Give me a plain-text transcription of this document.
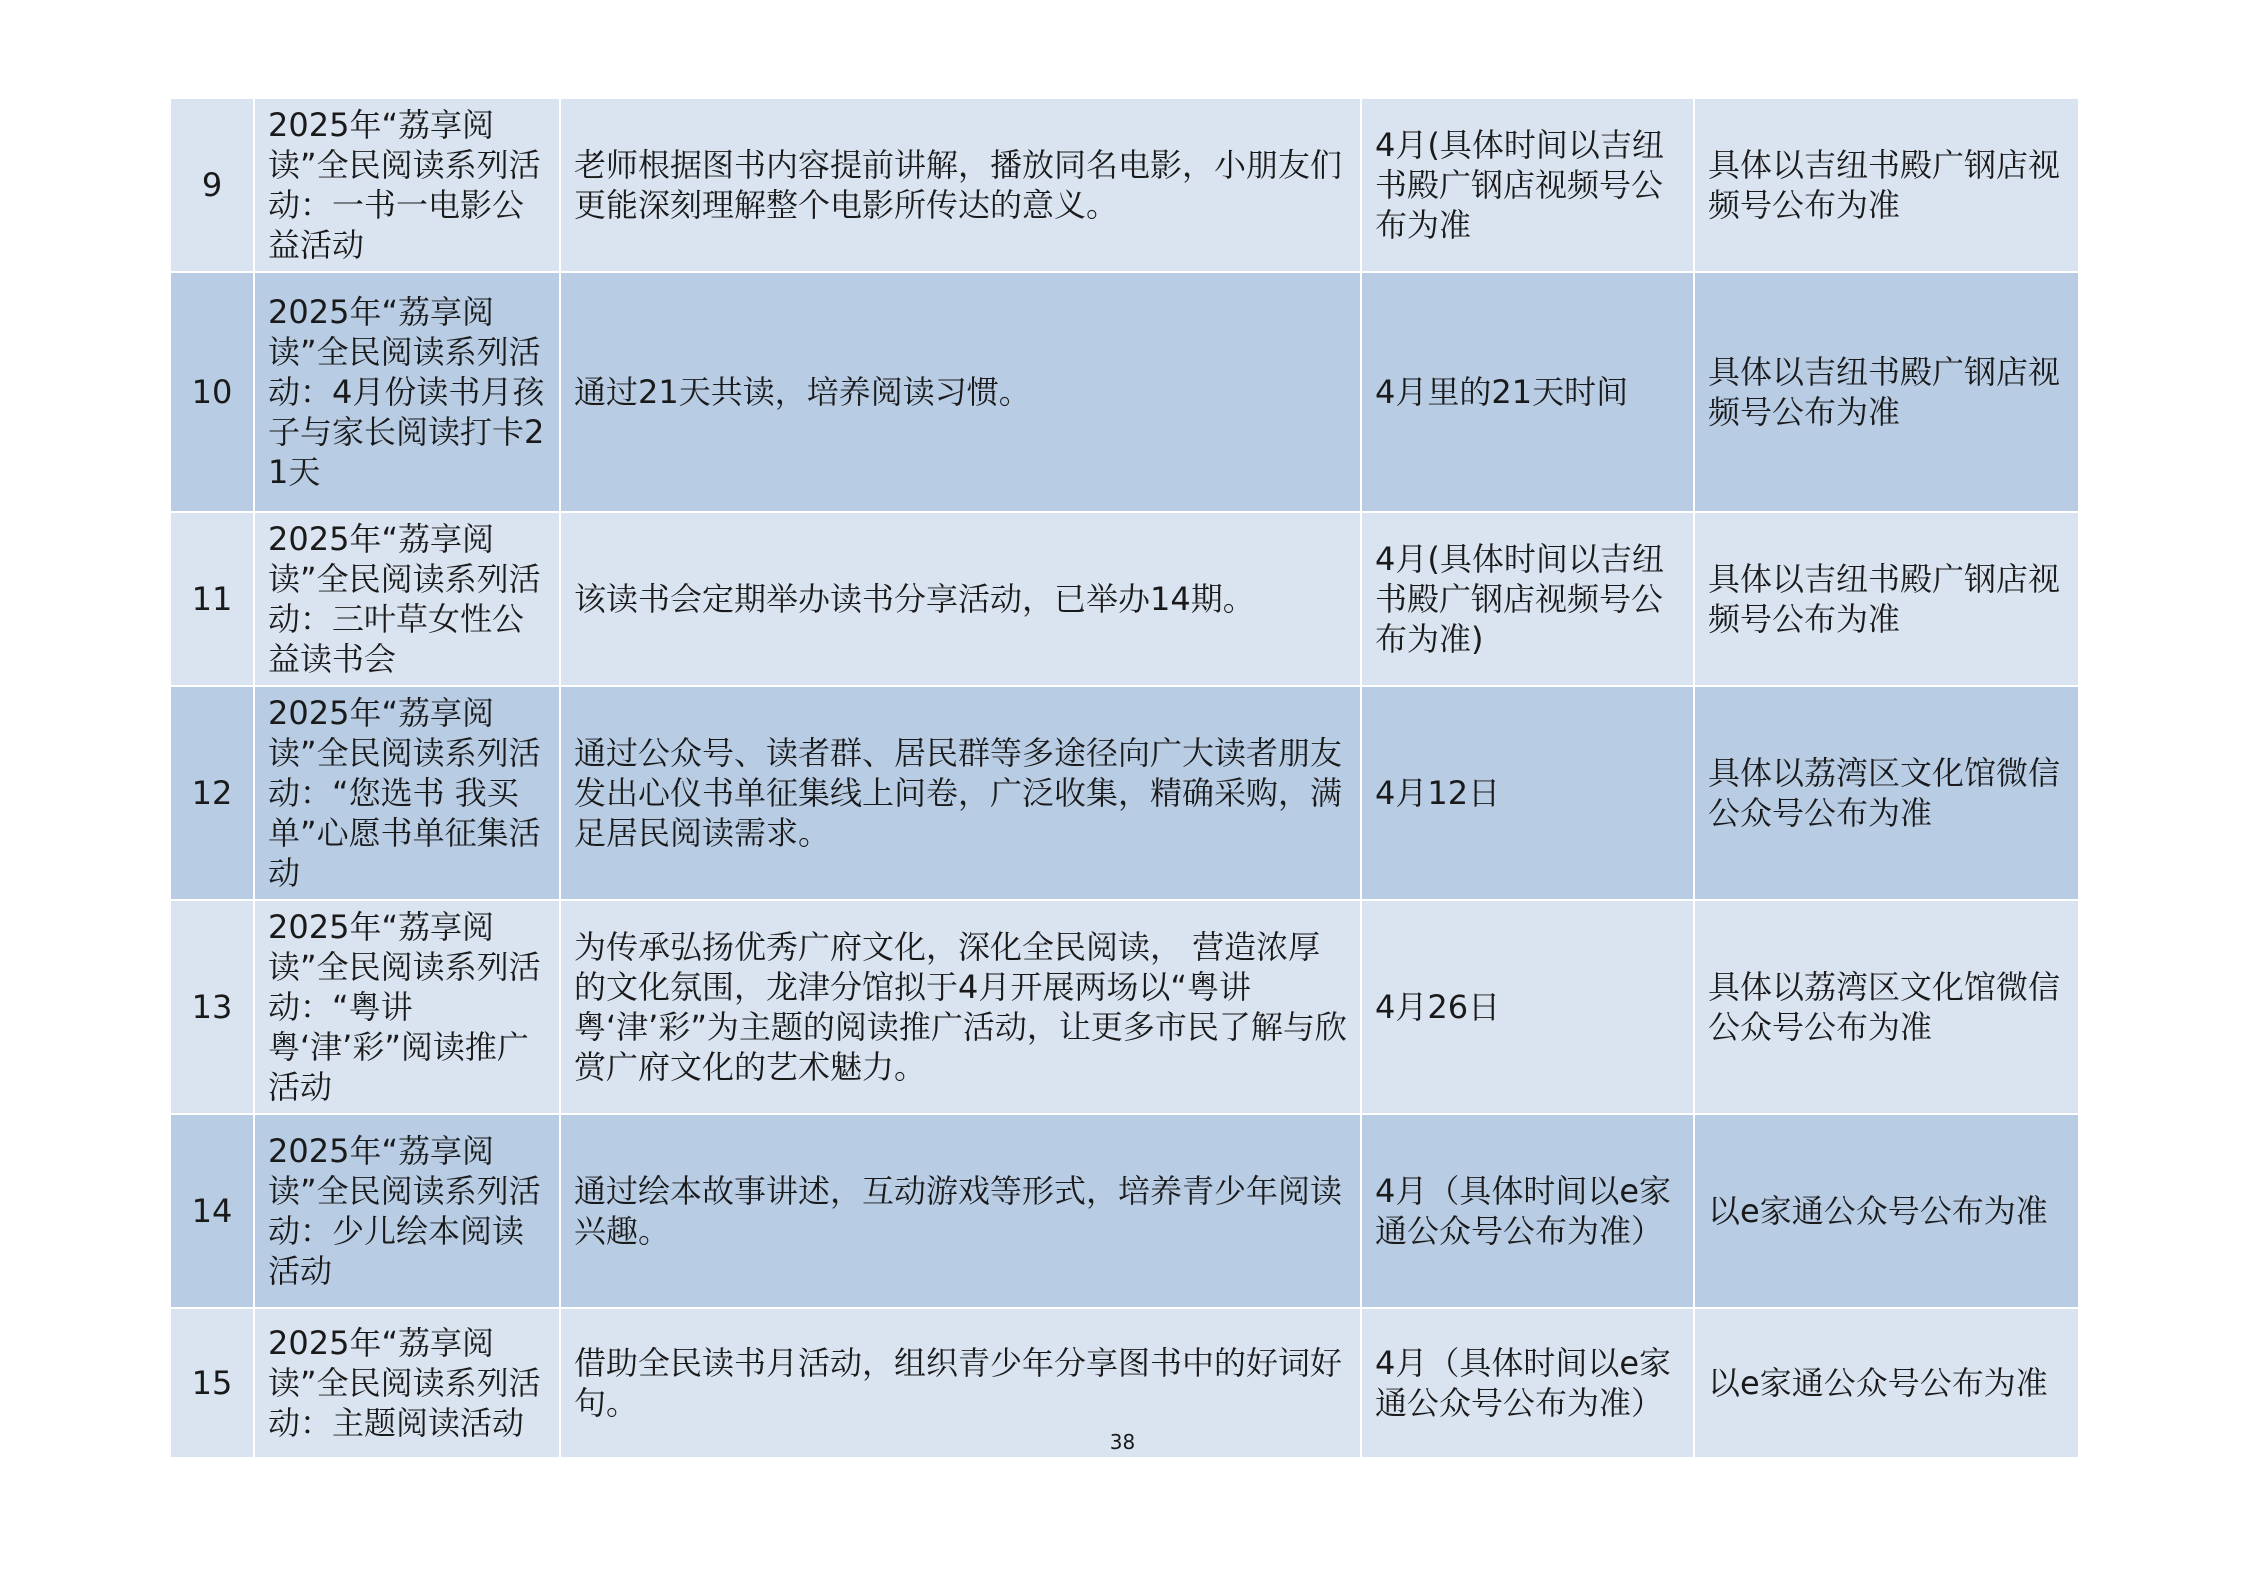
9	2025年“荔享阅读”全民阅读系列活动：一书一电影公益活动	老师根据图书内容提前讲解，播放同名电影，小朋友们更能深刻理解整个电影所传达的意义。	4月(具体时间以吉纽书殿广钢店视频号公布为准	具体以吉纽书殿广钢店视频号公布为准
10	2025年“荔享阅读”全民阅读系列活动：4月份读书月孩子与家长阅读打卡21天	通过21天共读，培养阅读习惯。	4月里的21天时间	具体以吉纽书殿广钢店视频号公布为准
11	2025年“荔享阅读”全民阅读系列活动：三叶草女性公益读书会	该读书会定期举办读书分享活动，已举办14期。	4月(具体时间以吉纽书殿广钢店视频号公布为准)	具体以吉纽书殿广钢店视频号公布为准
12	2025年“荔享阅读”全民阅读系列活动：“您选书 我买单”心愿书单征集活动	通过公众号、读者群、居民群等多途径向广大读者朋友发出心仪书单征集线上问卷，广泛收集，精确采购，满足居民阅读需求。	4月12日	具体以荔湾区文化馆微信公众号公布为准
13	2025年“荔享阅读”全民阅读系列活动：“粤讲粤‘津’彩”阅读推广活动	为传承弘扬优秀广府文化，深化全民阅读， 营造浓厚的文化氛围，龙津分馆拟于4月开展两场以“粤讲粤‘津’彩”为主题的阅读推广活动，让更多市民了解与欣赏广府文化的艺术魅力。	4月26日	具体以荔湾区文化馆微信公众号公布为准
14	2025年“荔享阅读”全民阅读系列活动：少儿绘本阅读活动	通过绘本故事讲述，互动游戏等形式，培养青少年阅读兴趣。	4月（具体时间以e家通公众号公布为准）	以e家通公众号公布为准
15	2025年“荔享阅读”全民阅读系列活动：主题阅读活动	借助全民读书月活动，组织青少年分享图书中的好词好句。	4月（具体时间以e家通公众号公布为准）	以e家通公众号公布为准
38
